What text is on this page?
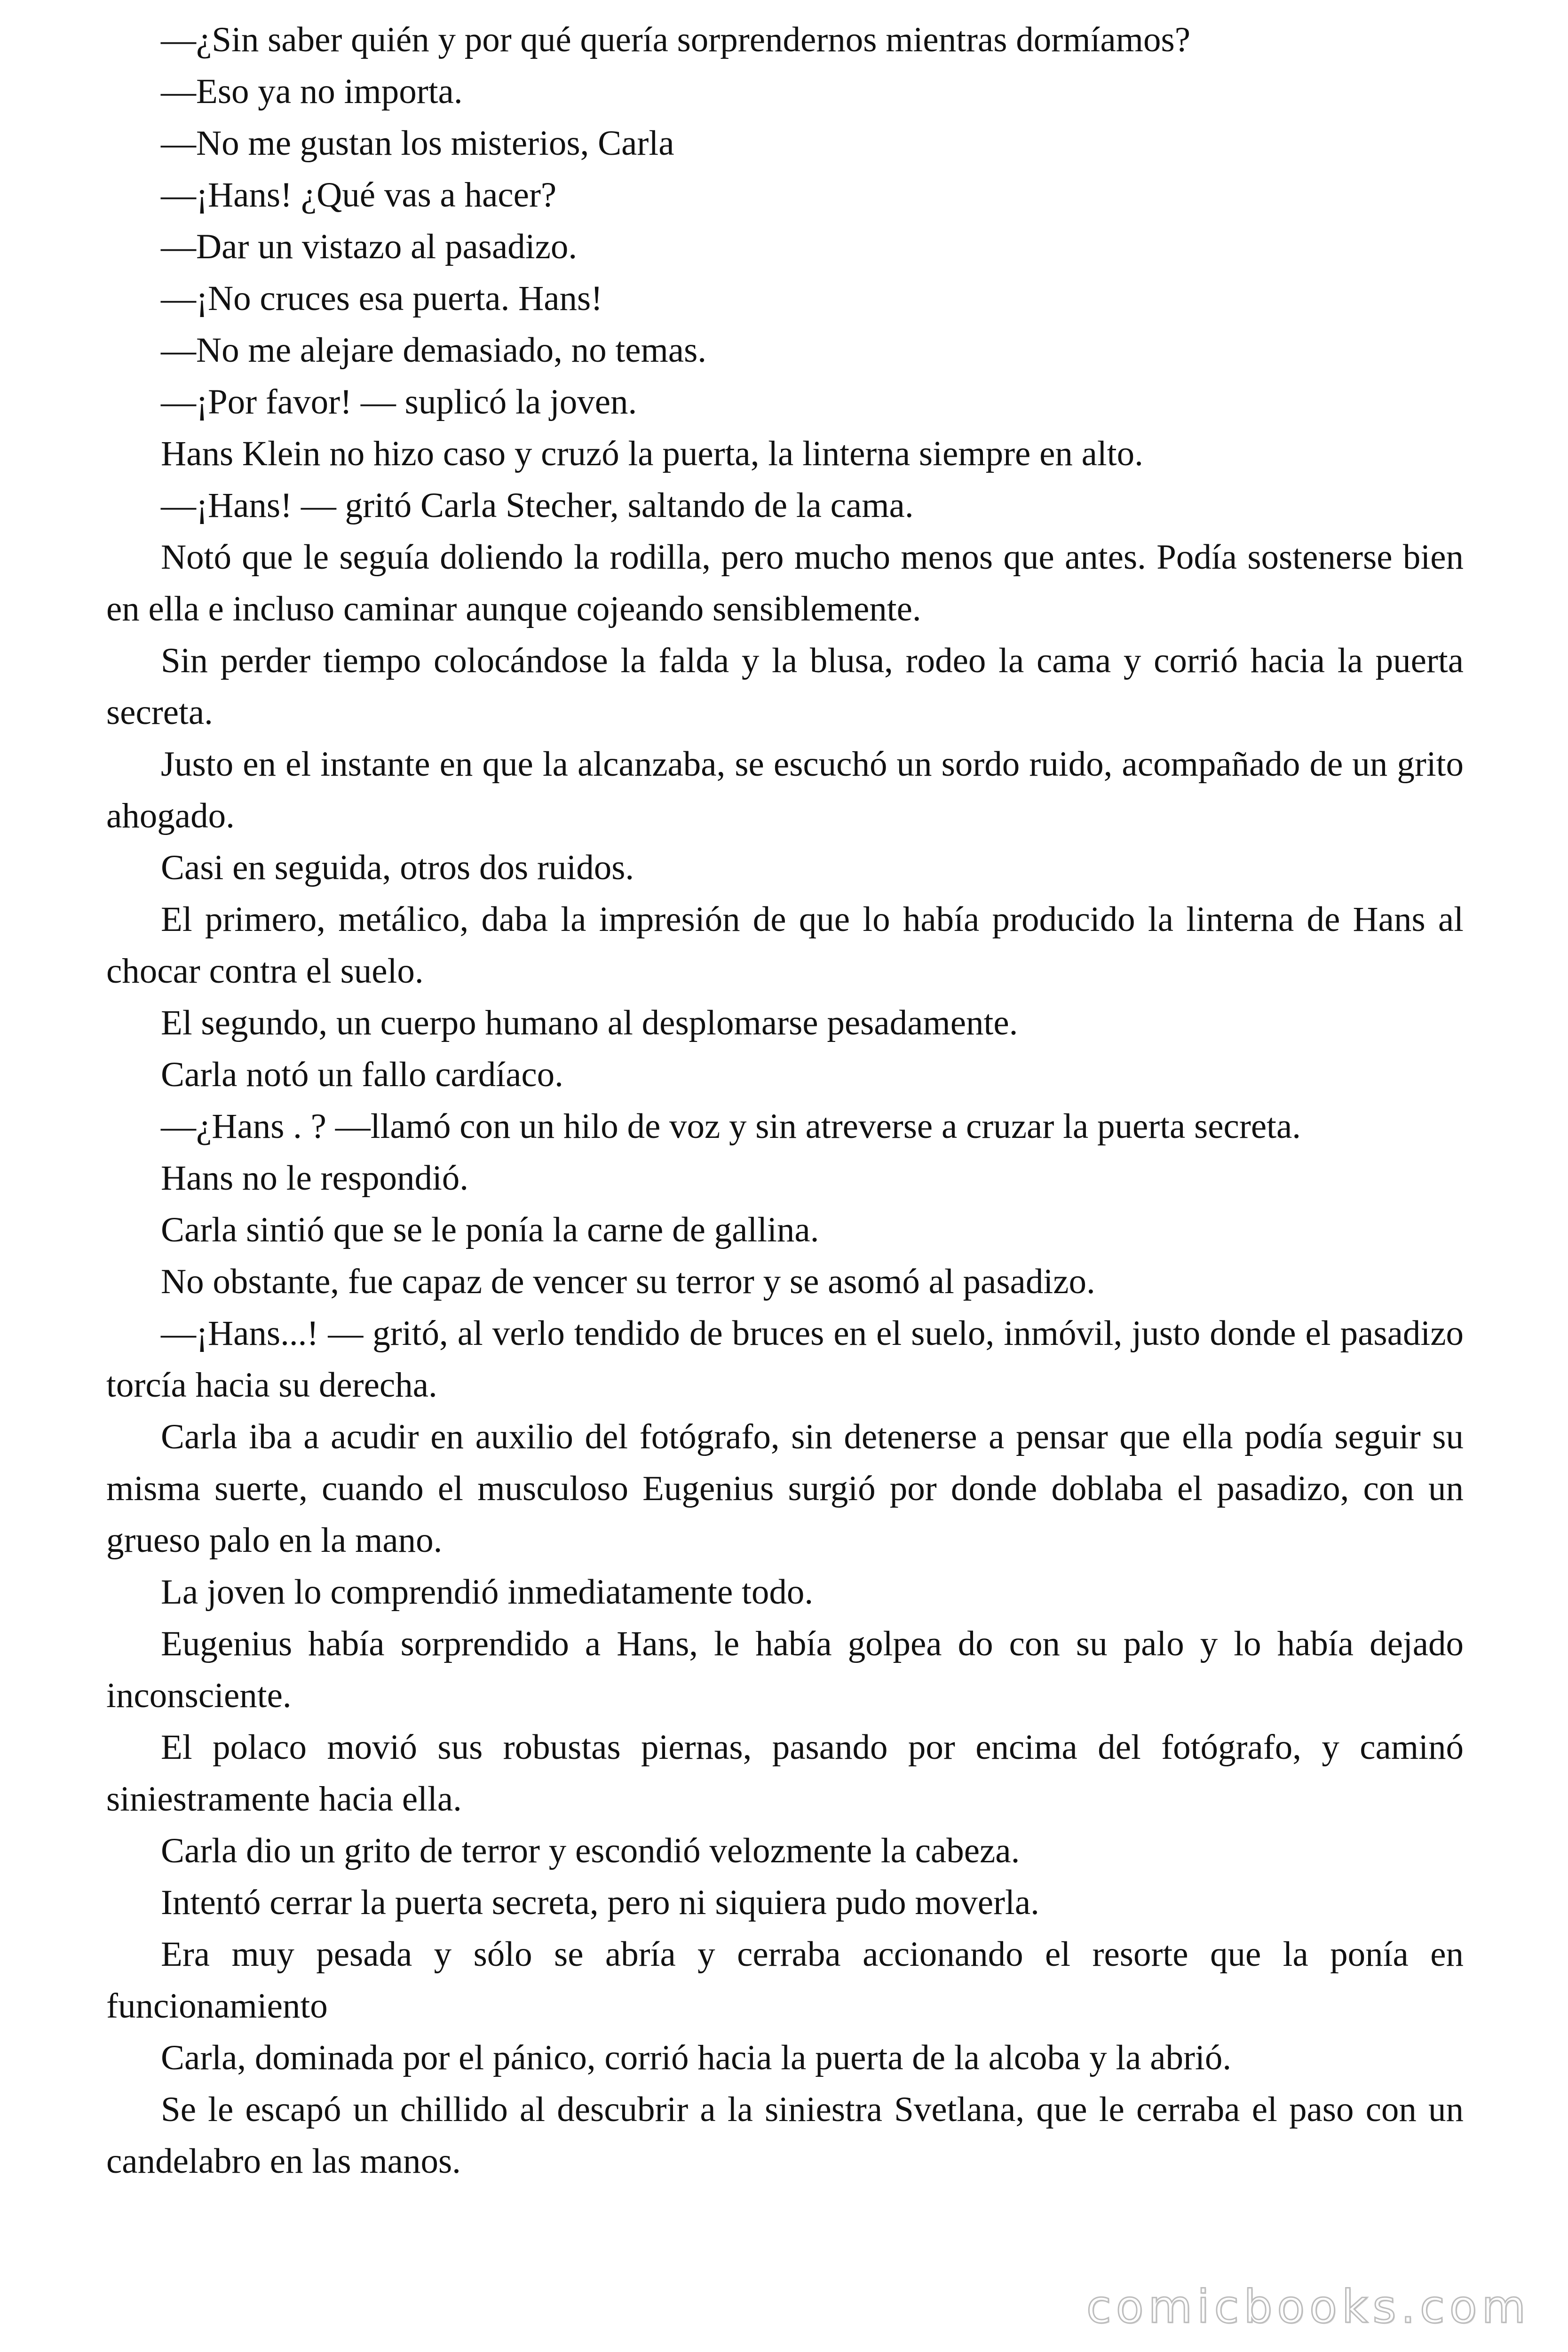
—¿Sin saber quién y por qué quería sorprendernos mientras dormíamos?

—Eso ya no importa.

—No me gustan los misterios, Carla

—¡Hans! ¿Qué vas a hacer?

—Dar un vistazo al pasadizo.

—¡No cruces esa puerta. Hans!

—No me alejare demasiado, no temas.

—¡Por favor! — suplicó la joven.

Hans Klein no hizo caso y cruzó la puerta, la linterna siempre en alto.

—¡Hans! — gritó Carla Stecher, saltando de la cama.

Notó que le seguía doliendo la rodilla, pero mucho menos que antes. Podía sostenerse bien en ella e incluso caminar aunque cojeando sensiblemente.

Sin perder tiempo colocándose la falda y la blusa, rodeo la cama y corrió hacia la puerta secreta.

Justo en el instante en que la alcanzaba, se escuchó un sordo ruido, acompañado de un grito ahogado.

Casi en seguida, otros dos ruidos.

El primero, metálico, daba la impresión de que lo había producido la linterna de Hans al chocar contra el suelo.

El segundo, un cuerpo humano al desplomarse pesadamente.

Carla notó un fallo cardíaco.

—¿Hans . ? —llamó con un hilo de voz y sin atreverse a cruzar la puerta secreta.

Hans no le respondió.

Carla sintió que se le ponía la carne de gallina.

No obstante, fue capaz de vencer su terror y se asomó al pasadizo.

—¡Hans...! — gritó, al verlo tendido de bruces en el suelo, inmóvil, justo donde el pasadizo torcía hacia su derecha.

Carla iba a acudir en auxilio del fotógrafo, sin detenerse a pensar que ella podía seguir su misma suerte, cuando el musculoso Eugenius surgió por donde doblaba el pasadizo, con un grueso palo en la mano.

La joven lo comprendió inmediatamente todo.

Eugenius había sorprendido a Hans, le había golpea do con su palo y lo había dejado inconsciente.

El polaco movió sus robustas piernas, pasando por encima del fotógrafo, y caminó siniestramente hacia ella.

Carla dio un grito de terror y escondió velozmente la cabeza.

Intentó cerrar la puerta secreta, pero ni siquiera pudo moverla.

Era muy pesada y sólo se abría y cerraba accionando el resorte que la ponía en funcionamiento

Carla, dominada por el pánico, corrió hacia la puerta de la alcoba y la abrió.

Se le escapó un chillido al descubrir a la siniestra Svetlana, que le cerraba el paso con un candelabro en las manos.

comicbooks.com
